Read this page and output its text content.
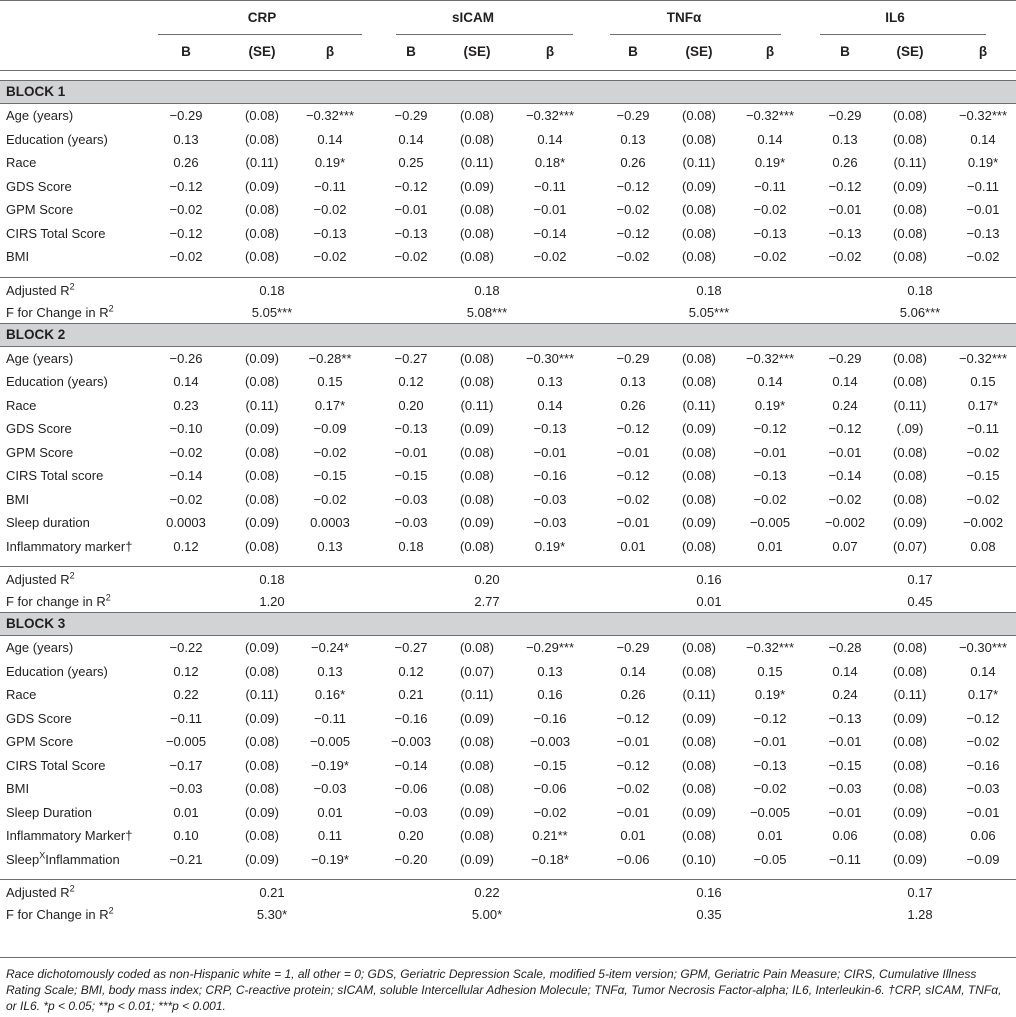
CRP	sICAM	TNFα	IL6
B	(SE)	β	B	(SE)	β	B	(SE)	β	B	(SE)	β
BLOCK 1
Age (years)	−0.29	(0.08) −0.32***	−0.29	(0.08) −0.32***	−0.29	(0.08) −0.32***	−0.29 (0.08) −0.32***
Education (years)	0.13	(0.08)	0.14	0.14	(0.08)	0.14	0.13	(0.08)	0.14	0.13	(0.08)	0.14
Race	0.26	(0.11)	0.19*	0.25	(0.11)	0.18*	0.26	(0.11)	0.19*	0.26	(0.11)	0.19*
GDS Score	−0.12	(0.09)	−0.11	−0.12	(0.09)	−0.11	−0.12	(0.09)	−0.11	−0.12 (0.09)	−0.11
GPM Score	−0.02	(0.08)	−0.02	−0.01	(0.08)	−0.01	−0.02	(0.08)	−0.02	−0.01 (0.08)	−0.01
CIRS Total Score	−0.12	(0.08)	−0.13	−0.13	(0.08)	−0.14	−0.12	(0.08)	−0.13	−0.13 (0.08)	−0.13
BMI	−0.02	(0.08)	−0.02	−0.02	(0.08)	−0.02	−0.02	(0.08)	−0.02	−0.02 (0.08)	−0.02
Adjusted $R^2$	0.18	0.18	0.18	0.18
F for Change in $R^2$	5.05***	5.08***	5.05***	5.06***
BLOCK 2
Age (years)	−0.26	(0.09) −0.28**	−0.27	(0.08) −0.30***	−0.29	(0.08) −0.32***	−0.29 (0.08) −0.32***
Education (years)	0.14	(0.08)	0.15	0.12	(0.08)	0.13	0.13	(0.08)	0.14	0.14	(0.08)	0.15
Race	0.23	(0.11)	0.17*	0.20	(0.11)	0.14	0.26	(0.11)	0.19*	0.24	(0.11)	0.17*
GDS Score	−0.10	(0.09)	−0.09	−0.13	(0.09)	−0.13	−0.12	(0.09)	−0.12	−0.12	(.09)	−0.11
GPM Score	−0.02	(0.08)	−0.02	−0.01	(0.08)	−0.01	−0.01	(0.08)	−0.01	−0.01 (0.08)	−0.02
CIRS Total score	−0.14	(0.08)	−0.15	−0.15	(0.08)	−0.16	−0.12	(0.08)	−0.13	−0.14 (0.08)	−0.15
BMI	−0.02	(0.08)	−0.02	−0.03	(0.08)	−0.03	−0.02	(0.08)	−0.02	−0.02 (0.08)	−0.02
Sleep duration	0.0003	(0.09) 0.0003	−0.03	(0.09)	−0.03	−0.01	(0.09)	−0.005	−0.002 (0.09)	−0.002
Inflammatory marker†	0.12	(0.08)	0.13	0.18	(0.08)	0.19*	0.01	(0.08)	0.01	0.07	(0.07)	0.08
Adjusted $R^2$	0.18	0.20	0.16	0.17
F for change in $R^2$	1.20	2.77	0.01	0.45
BLOCK 3
Age (years)	−0.22	(0.09) −0.24*	−0.27	(0.08) −0.29***	−0.29	(0.08) −0.32***	−0.28 (0.08) −0.30***
Education (years)	0.12	(0.08)	0.13	0.12	(0.07)	0.13	0.14	(0.08)	0.15	0.14	(0.08)	0.14
Race	0.22	(0.11)	0.16*	0.21	(0.11)	0.16	0.26	(0.11)	0.19*	0.24	(0.11)	0.17*
GDS Score	−0.11	(0.09)	−0.11	−0.16	(0.09)	−0.16	−0.12	(0.09)	−0.12	−0.13 (0.09)	−0.12
GPM Score	−0.005	(0.08) −0.005	−0.003 (0.08)	−0.003	−0.01	(0.08)	−0.01	−0.01 (0.08)	−0.02
CIRS Total Score	−0.17	(0.08) −0.19*	−0.14	(0.08)	−0.15	−0.12	(0.08)	−0.13	−0.15 (0.08)	−0.16
BMI	−0.03	(0.08)	−0.03	−0.06	(0.08)	−0.06	−0.02	(0.08)	−0.02	−0.03 (0.08)	−0.03
Sleep Duration	0.01	(0.09)	0.01	−0.03	(0.09)	−0.02	−0.01	(0.09)	−0.005	−0.01 (0.09)	−0.01
Inflammatory Marker†	0.10	(0.08)	0.11	0.20	(0.08)	0.21**	0.01	(0.08)	0.01	0.06	(0.08)	0.06
Sleep$^X$Inflammation	−0.21	(0.09) −0.19*	−0.20	(0.09)	−0.18*	−0.06	(0.10)	−0.05	−0.11 (0.09)	−0.09
Adjusted $R^2$	0.21	0.22	0.16	0.17
F for Change in $R^2$	5.30*	5.00*	0.35	1.28
Race dichotomously coded as non-Hispanic white = 1, all other = 0; GDS, Geriatric Depression Scale, modified 5-item version; GPM, Geriatric Pain Measure; CIRS, Cumulative Illness Rating Scale; BMI, body mass index; CRP, C-reactive protein; sICAM, soluble Intercellular Adhesion Molecule; TNFα, Tumor Necrosis Factor-alpha; IL6, Interleukin-6. †CRP, sICAM, TNFα, or IL6. *p < 0.05; **p < 0.01; ***p < 0.001.
